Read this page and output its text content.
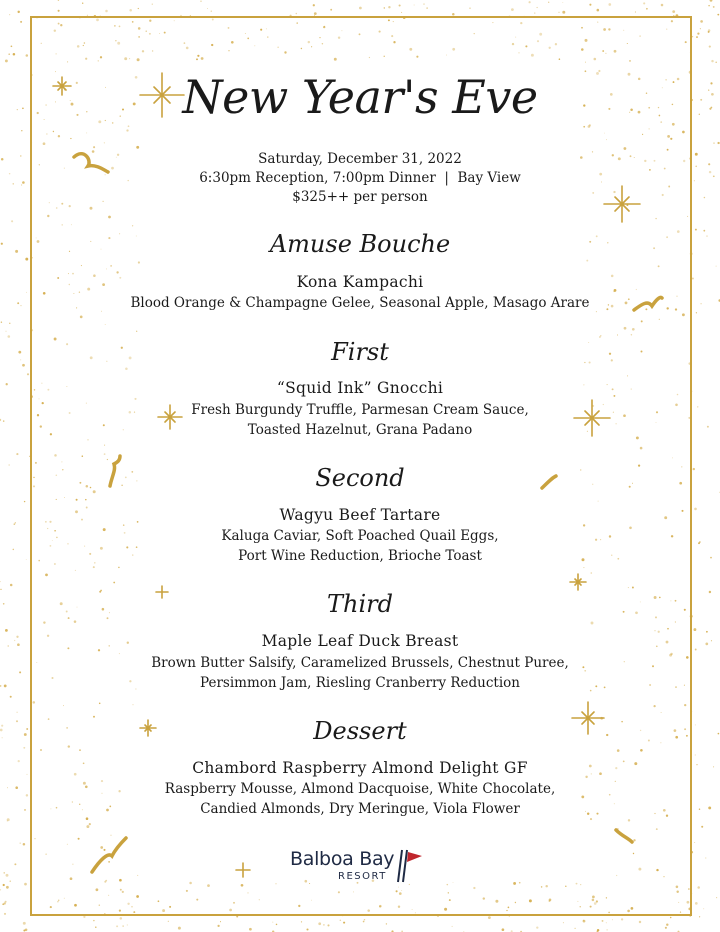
New Year's Eve
Saturday, December 31, 2022
6:30pm Reception, 7:00pm Dinner  |  Bay View
$325++ per person
Amuse Bouche
Kona Kampachi
Blood Orange & Champagne Gelee, Seasonal Apple, Masago Arare
First
“Squid Ink” Gnocchi
Fresh Burgundy Truffle, Parmesan Cream Sauce,
Toasted Hazelnut, Grana Padano
Second
Wagyu Beef Tartare
Kaluga Caviar, Soft Poached Quail Eggs,
Port Wine Reduction, Brioche Toast
Third
Maple Leaf Duck Breast
Brown Butter Salsify, Caramelized Brussels, Chestnut Puree,
Persimmon Jam, Riesling Cranberry Reduction
Dessert
Chambord Raspberry Almond Delight GF
Raspberry Mousse, Almond Dacquoise, White Chocolate,
Candied Almonds, Dry Meringue, Viola Flower
Balboa Bay
RESORT
